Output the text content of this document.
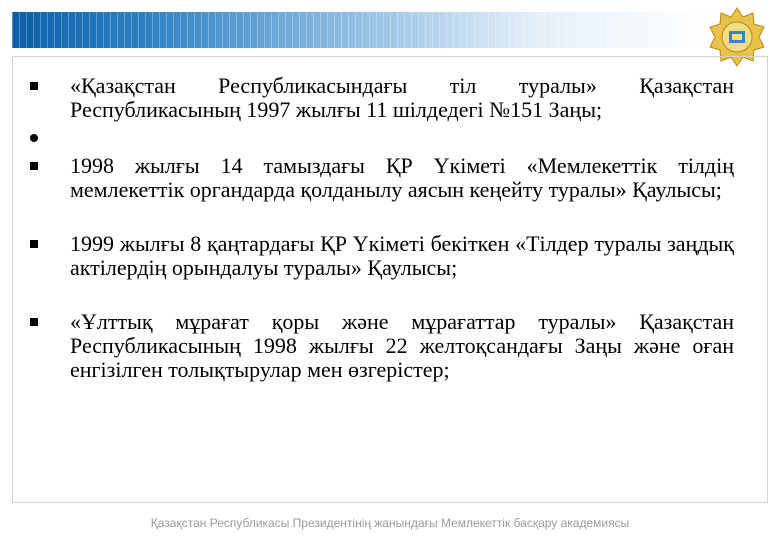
«Қазақстан Республикасындағы тіл туралы» Қазақстан Республикасының 1997 жылғы 11 шілдедегі №151 Заңы;
1998 жылғы 14 тамыздағы ҚР Үкіметі «Мемлекеттік тілдің мемлекеттік органдарда қолданылу аясын кеңейту туралы» Қаулысы;
1999 жылғы 8 қаңтардағы ҚР Үкіметі бекіткен «Тілдер туралы заңдық актілердің орындалуы туралы» Қаулысы;
«Ұлттық мұрағат қоры және мұрағаттар туралы» Қазақстан Республикасының 1998 жылғы 22 желтоқсандағы Заңы және оған енгізілген толықтырулар мен өзгерістер;
Қазақстан Республикасы Президентінің жанындағы Мемлекеттік басқару академиясы
